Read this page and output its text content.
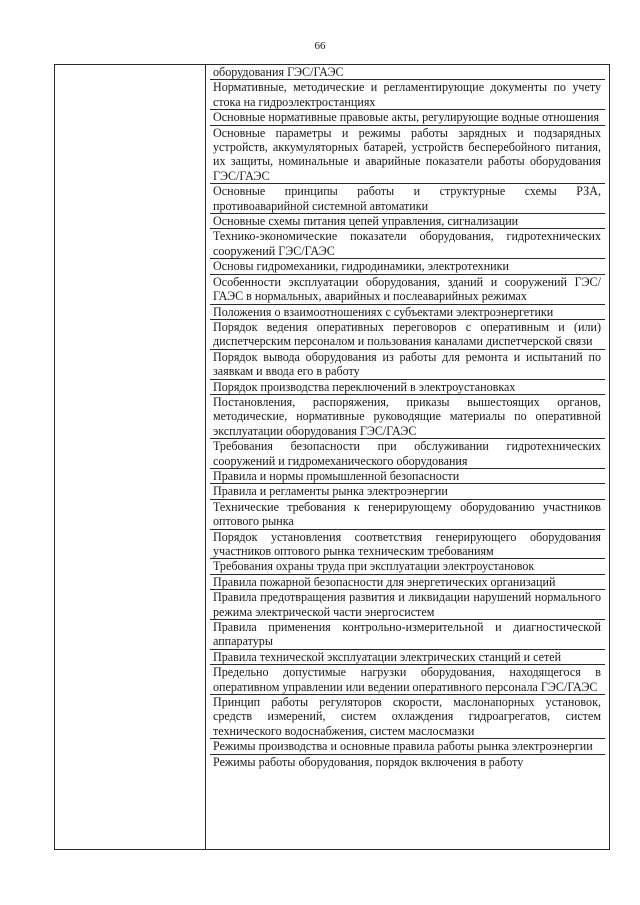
66

оборудования ГЭС/ГАЭС
Нормативные, методические и регламентирующие документы по учету стока на гидроэлектростанциях
Основные нормативные правовые акты, регулирующие водные отношения
Основные параметры и режимы работы зарядных и подзарядных устройств, аккумуляторных батарей, устройств бесперебойного питания, их защиты, номинальные и аварийные показатели работы оборудования ГЭС/ГАЭС
Основные принципы работы и структурные схемы РЗА, противоаварийной системной автоматики
Основные схемы питания цепей управления, сигнализации
Технико-экономические показатели оборудования, гидротехнических сооружений ГЭС/ГАЭС
Основы гидромеханики, гидродинамики, электротехники
Особенности эксплуатации оборудования, зданий и сооружений ГЭС/ГАЭС в нормальных, аварийных и послеаварийных режимах
Положения о взаимоотношениях с субъектами электроэнергетики
Порядок ведения оперативных переговоров с оперативным и (или) диспетчерским персоналом и пользования каналами диспетчерской связи
Порядок вывода оборудования из работы для ремонта и испытаний по заявкам и ввода его в работу
Порядок производства переключений в электроустановках
Постановления, распоряжения, приказы вышестоящих органов, методические, нормативные руководящие материалы по оперативной эксплуатации оборудования ГЭС/ГАЭС
Требования безопасности при обслуживании гидротехнических сооружений и гидромеханического оборудования
Правила и нормы промышленной безопасности
Правила и регламенты рынка электроэнергии
Технические требования к генерирующему оборудованию участников оптового рынка
Порядок установления соответствия генерирующего оборудования участников оптового рынка техническим требованиям
Требования охраны труда при эксплуатации электроустановок
Правила пожарной безопасности для энергетических организаций
Правила предотвращения развития и ликвидации нарушений нормального режима электрической части энергосистем
Правила применения контрольно-измерительной и диагностической аппаратуры
Правила технической эксплуатации электрических станций и сетей
Предельно допустимые нагрузки оборудования, находящегося в оперативном управлении или ведении оперативного персонала ГЭС/ГАЭС
Принцип работы регуляторов скорости, маслонапорных установок, средств измерений, систем охлаждения гидроагрегатов, систем технического водоснабжения, систем маслосмазки
Режимы производства и основные правила работы рынка электроэнергии
Режимы работы оборудования, порядок включения в работу
